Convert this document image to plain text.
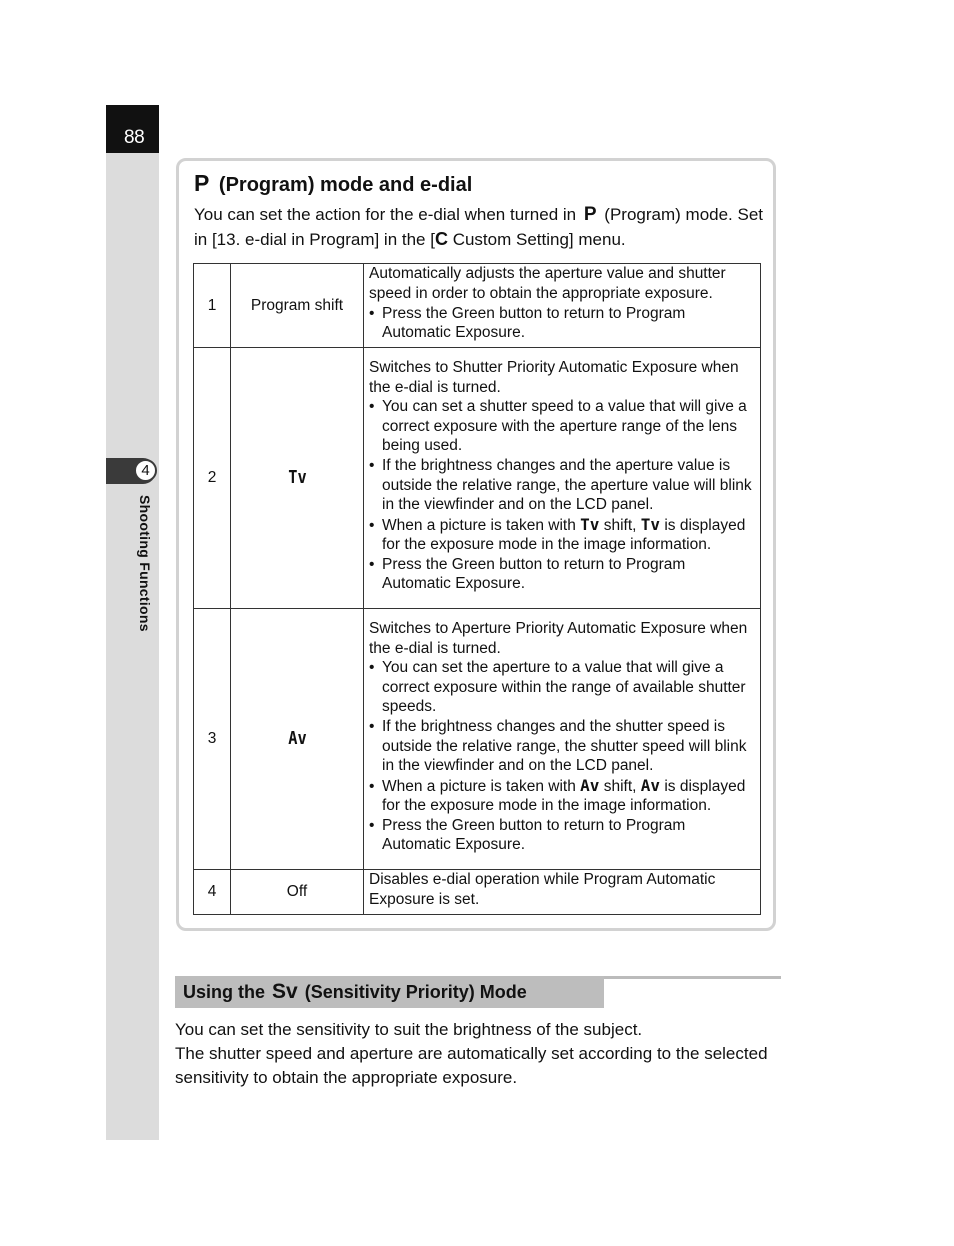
88
4
Shooting Functions
P (Program) mode and e-dial
You can set the action for the e-dial when turned in P (Program) mode. Set in [13. e-dial in Program] in the [C Custom Setting] menu.
1	Program shift	Automatically adjusts the aperture value and shutter speed in order to obtain the appropriate exposure.
• Press the Green button to return to Program Automatic Exposure.

2	Tv	Switches to Shutter Priority Automatic Exposure when the e-dial is turned.
• You can set a shutter speed to a value that will give a correct exposure with the aperture range of the lens being used.
• If the brightness changes and the aperture value is outside the relative range, the aperture value will blink in the viewfinder and on the LCD panel.
• When a picture is taken with Tv shift, Tv is displayed for the exposure mode in the image information.
• Press the Green button to return to Program Automatic Exposure.

3	Av	Switches to Aperture Priority Automatic Exposure when the e-dial is turned.
• You can set the aperture to a value that will give a correct exposure within the range of available shutter speeds.
• If the brightness changes and the shutter speed is outside the relative range, the shutter speed will blink in the viewfinder and on the LCD panel.
• When a picture is taken with Av shift, Av is displayed for the exposure mode in the image information.
• Press the Green button to return to Program Automatic Exposure.

4	Off	Disables e-dial operation while Program Automatic Exposure is set.
Using the Sv (Sensitivity Priority) Mode
You can set the sensitivity to suit the brightness of the subject.
The shutter speed and aperture are automatically set according to the selected sensitivity to obtain the appropriate exposure.
